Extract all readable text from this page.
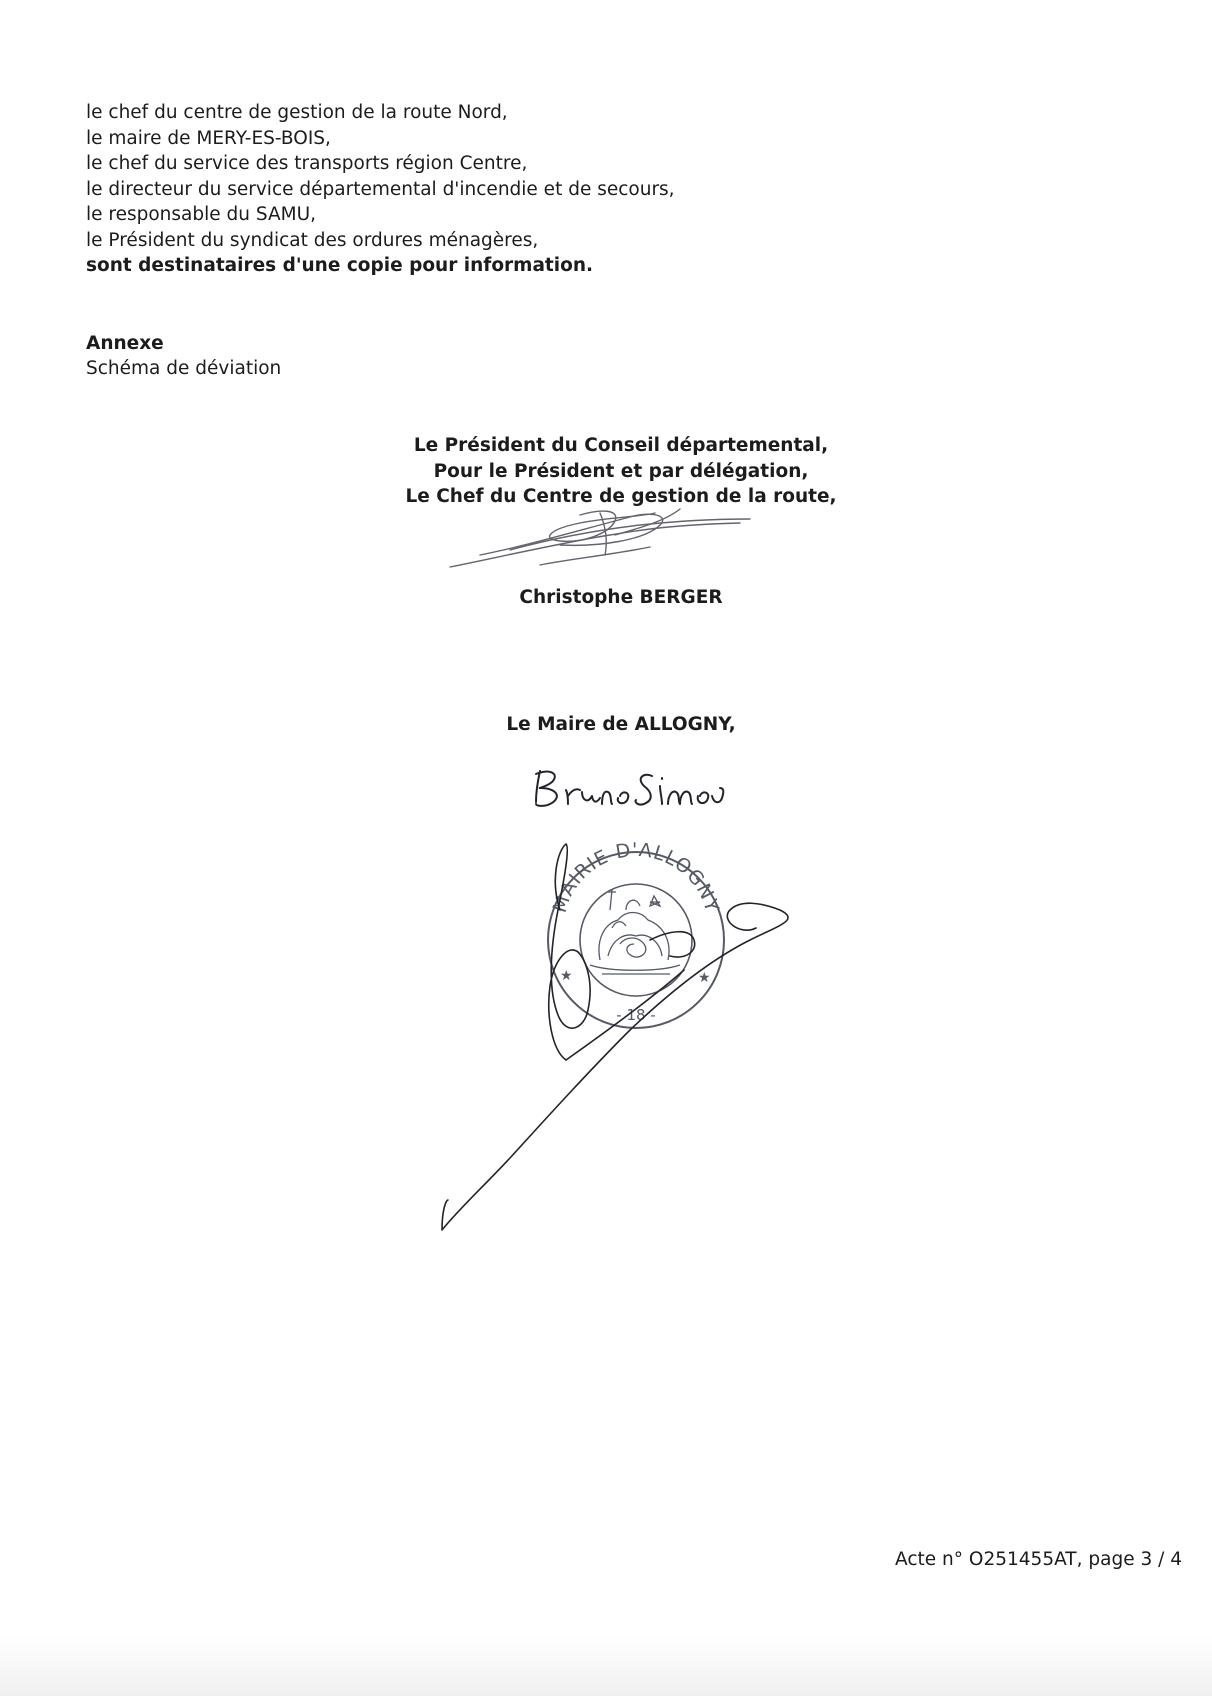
le chef du centre de gestion de la route Nord,
le maire de MERY-ES-BOIS,
le chef du service des transports région Centre,
le directeur du service départemental d'incendie et de secours,
le responsable du SAMU,
le Président du syndicat des ordures ménagères,
sont destinataires d'une copie pour information.
Annexe
Schéma de déviation
Le Président du Conseil départemental,
Pour le Président et par délégation,
Le Chef du Centre de gestion de la route,
Christophe BERGER
Le Maire de ALLOGNY,
MAIRIE D'ALLOGNY
- 18 -
★	★
Acte n° O251455AT, page 3 / 4
